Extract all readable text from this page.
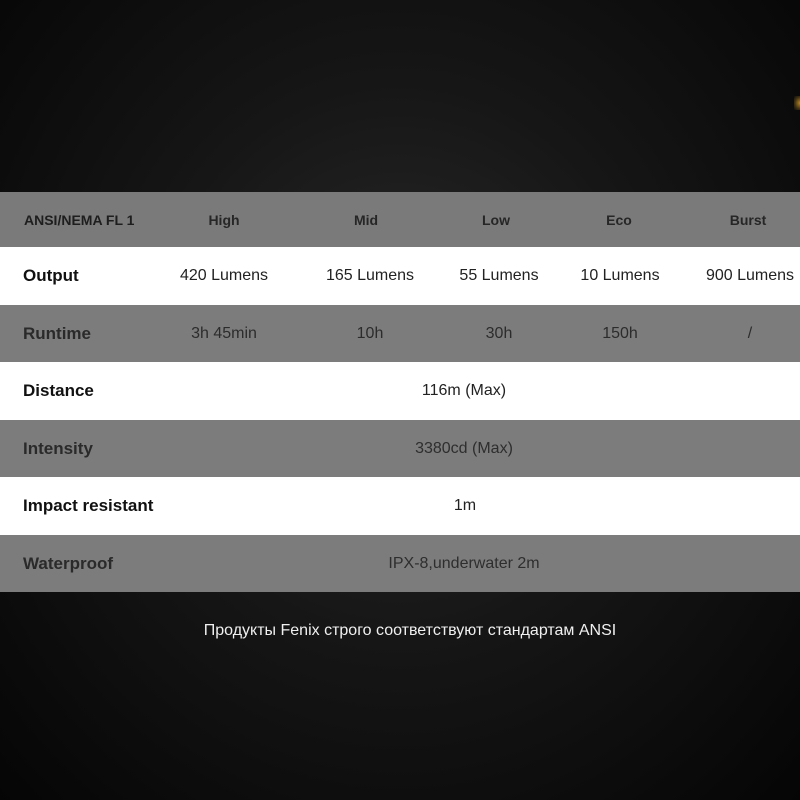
ANSI/NEMA FL 1	High	Mid	Low	Eco	Burst
Output	420 Lumens	165 Lumens	55 Lumens	10 Lumens	900 Lumens
Runtime	3h 45min	10h	30h	150h	/
Distance	116m (Max)
Intensity	3380cd (Max)
Impact resistant	1m
Waterproof	IPX-8,underwater 2m
Продукты Fenix строго соответствуют стандартам ANSI
